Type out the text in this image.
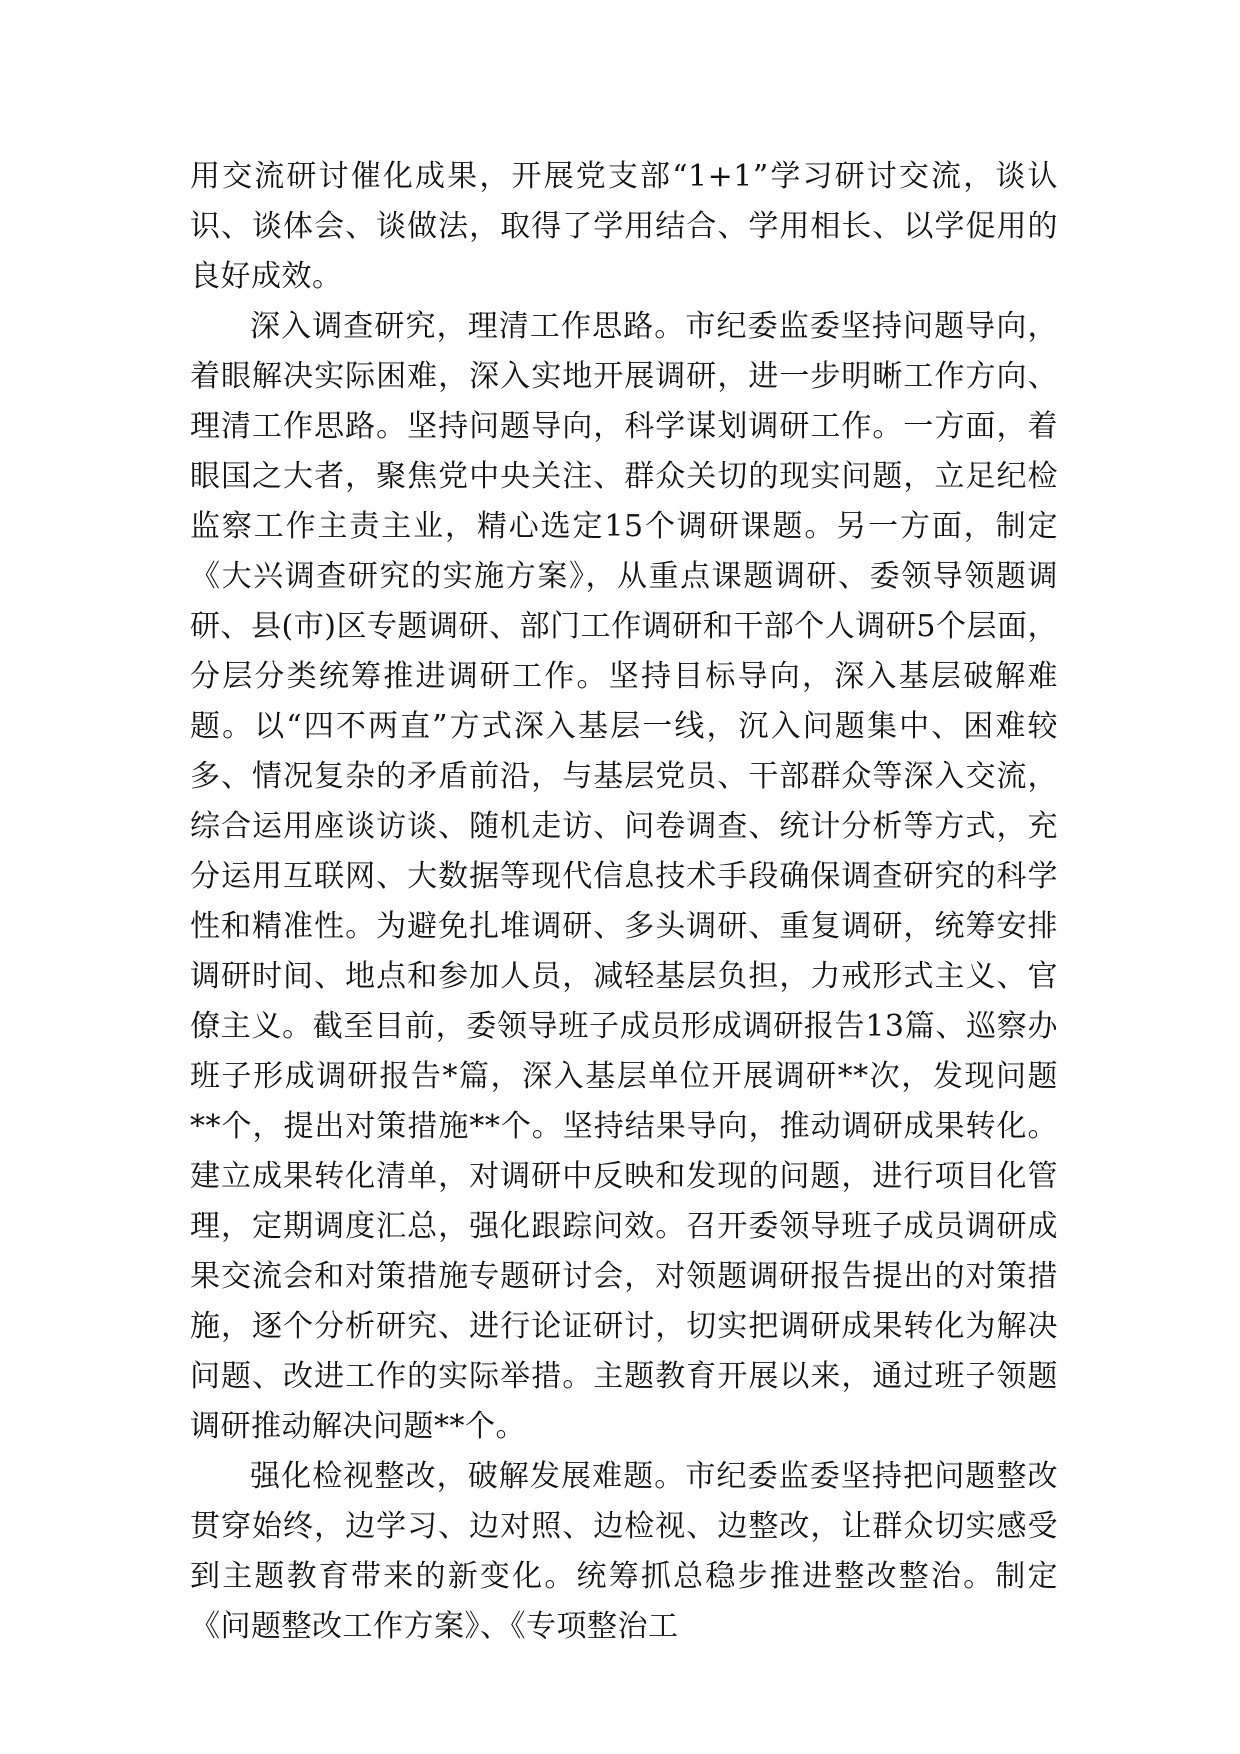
用交流研讨催化成果，开展党支部“1+1”学习研讨交流，谈认识、谈体会、谈做法，取得了学用结合、学用相长、以学促用的良好成效。

深入调查研究，理清工作思路。市纪委监委坚持问题导向，着眼解决实际困难，深入实地开展调研，进一步明晰工作方向、理清工作思路。坚持问题导向，科学谋划调研工作。一方面，着眼国之大者，聚焦党中央关注、群众关切的现实问题，立足纪检监察工作主责主业，精心选定15个调研课题。另一方面，制定《大兴调查研究的实施方案》，从重点课题调研、委领导领题调研、县(市)区专题调研、部门工作调研和干部个人调研5个层面，分层分类统筹推进调研工作。坚持目标导向，深入基层破解难题。以“四不两直”方式深入基层一线，沉入问题集中、困难较多、情况复杂的矛盾前沿，与基层党员、干部群众等深入交流，综合运用座谈访谈、随机走访、问卷调查、统计分析等方式，充分运用互联网、大数据等现代信息技术手段确保调查研究的科学性和精准性。为避免扎堆调研、多头调研、重复调研，统筹安排调研时间、地点和参加人员，减轻基层负担，力戒形式主义、官僚主义。截至目前，委领导班子成员形成调研报告13篇、巡察办班子形成调研报告*篇，深入基层单位开展调研**次，发现问题**个，提出对策措施**个。坚持结果导向，推动调研成果转化。建立成果转化清单，对调研中反映和发现的问题，进行项目化管理，定期调度汇总，强化跟踪问效。召开委领导班子成员调研成果交流会和对策措施专题研讨会，对领题调研报告提出的对策措施，逐个分析研究、进行论证研讨，切实把调研成果转化为解决问题、改进工作的实际举措。主题教育开展以来，通过班子领题调研推动解决问题**个。

强化检视整改，破解发展难题。市纪委监委坚持把问题整改贯穿始终，边学习、边对照、边检视、边整改，让群众切实感受到主题教育带来的新变化。统筹抓总稳步推进整改整治。制定《问题整改工作方案》、《专项整治工
